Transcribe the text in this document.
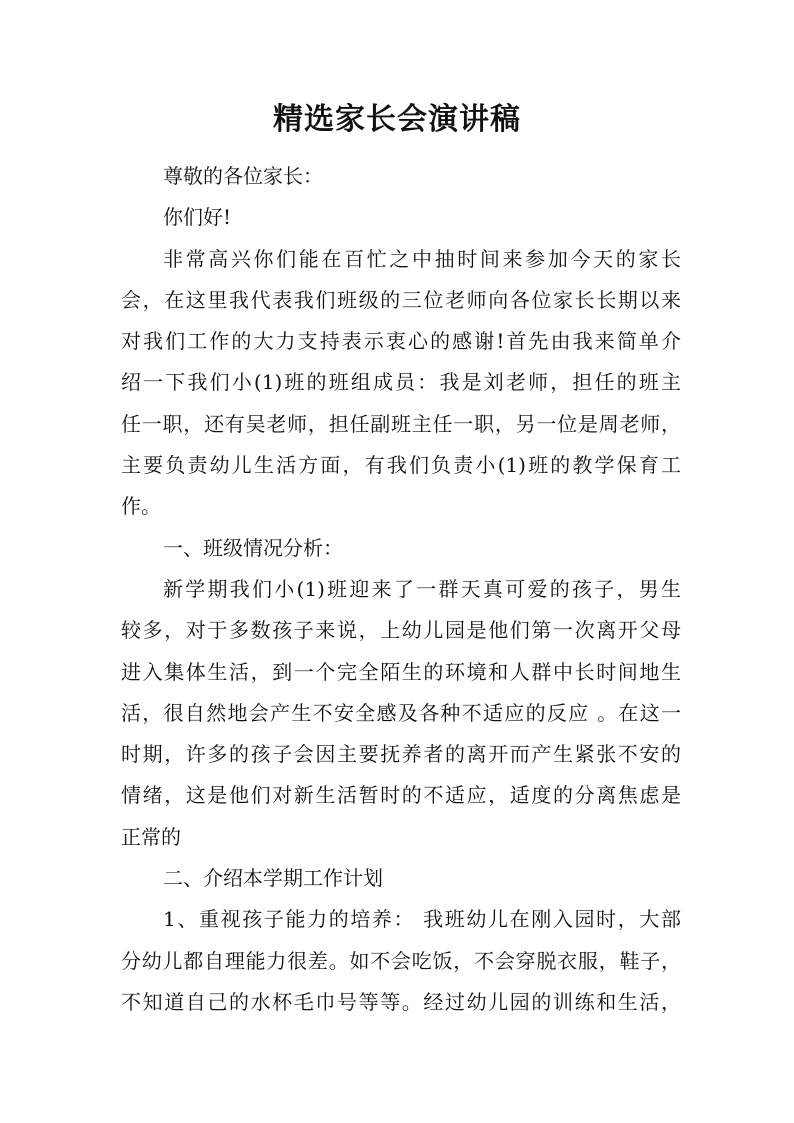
精选家长会演讲稿
尊敬的各位家长：
你们好!
非常高兴你们能在百忙之中抽时间来参加今天的家长
会，在这里我代表我们班级的三位老师向各位家长长期以来
对我们工作的大力支持表示衷心的感谢!首先由我来简单介
绍一下我们小(1)班的班组成员：我是刘老师，担任的班主
任一职，还有吴老师，担任副班主任一职，另一位是周老师，
主要负责幼儿生活方面，有我们负责小(1)班的教学保育工
作。
一、班级情况分析：
新学期我们小(1)班迎来了一群天真可爱的孩子，男生
较多，对于多数孩子来说，上幼儿园是他们第一次离开父母
进入集体生活，到一个完全陌生的环境和人群中长时间地生
活，很自然地会产生不安全感及各种不适应的反应 。在这一
时期，许多的孩子会因主要抚养者的离开而产生紧张不安的
情绪，这是他们对新生活暂时的不适应，适度的分离焦虑是
正常的
二、介绍本学期工作计划
1、重视孩子能力的培养： 我班幼儿在刚入园时，大部
分幼儿都自理能力很差。如不会吃饭，不会穿脱衣服，鞋子，
不知道自己的水杯毛巾号等等。经过幼儿园的训练和生活，
